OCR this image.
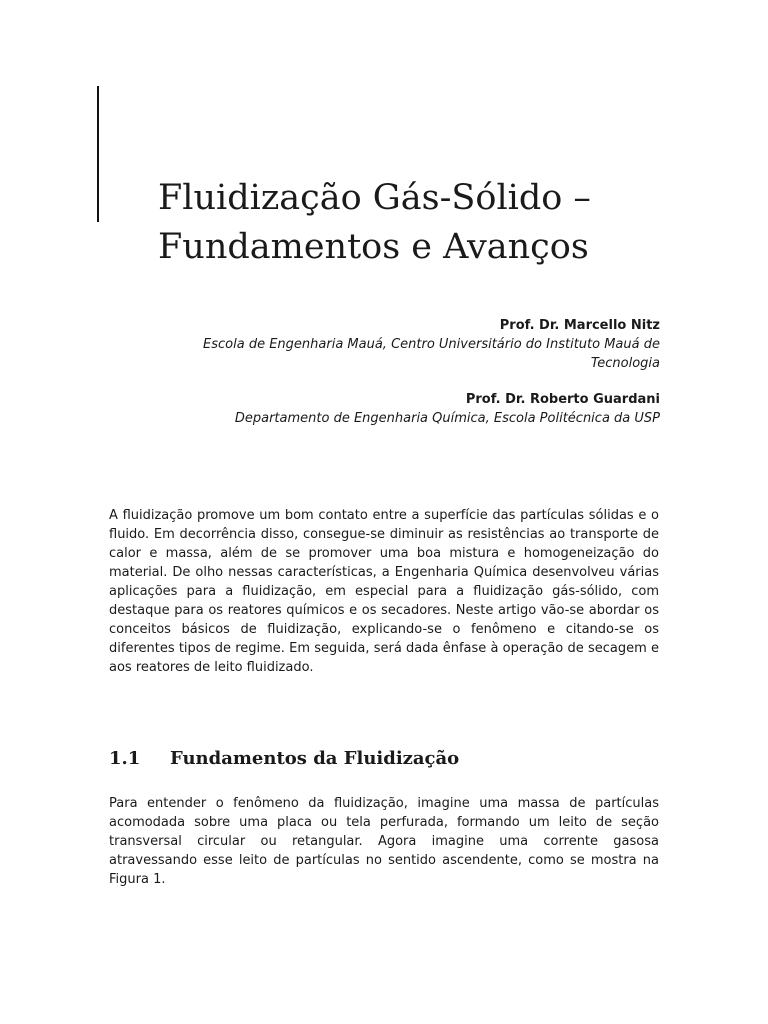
Fluidização Gás-Sólido –
Fundamentos e Avanços

Prof. Dr. Marcello Nitz
Escola de Engenharia Mauá, Centro Universitário do Instituto Mauá de Tecnologia

Prof. Dr. Roberto Guardani
Departamento de Engenharia Química, Escola Politécnica da USP

A fluidização promove um bom contato entre a superfície das partículas sólidas e o fluido. Em decorrência disso, consegue-se diminuir as resistências ao transporte de calor e massa, além de se promover uma boa mistura e homogeneização do material. De olho nessas características, a Engenharia Química desenvolveu várias aplicações para a fluidização, em especial para a fluidização gás-sólido, com destaque para os reatores químicos e os secadores. Neste artigo vão-se abordar os conceitos básicos de fluidização, explicando-se o fenômeno e citando-se os diferentes tipos de regime. Em seguida, será dada ênfase à operação de secagem e aos reatores de leito fluidizado.

1.1 Fundamentos da Fluidização

Para entender o fenômeno da fluidização, imagine uma massa de partículas acomodada sobre uma placa ou tela perfurada, formando um leito de seção transversal circular ou retangular. Agora imagine uma corrente gasosa atravessando esse leito de partículas no sentido ascendente, como se mostra na Figura 1.
